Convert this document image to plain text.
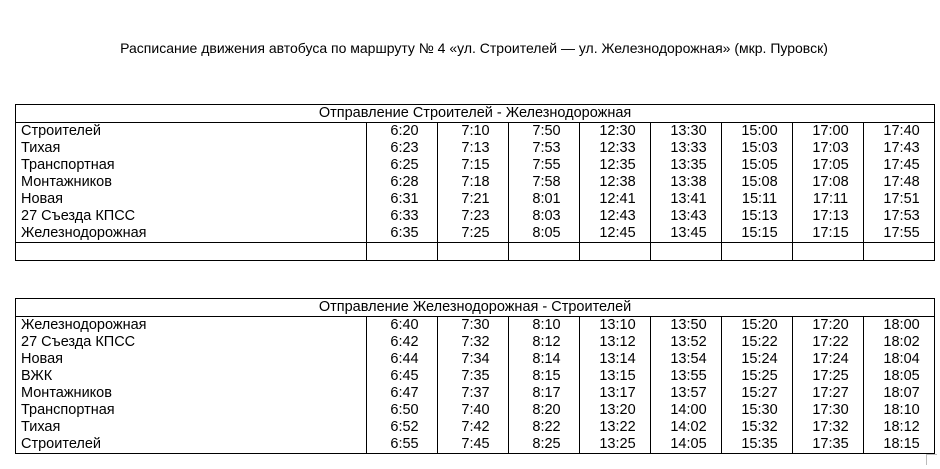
Расписание движения автобуса по маршруту № 4 «ул. Строителей — ул. Железнодорожная» (мкр. Пуровск)
Отправление Строителей - Железнодорожная								
Строителей	6:20	7:10	7:50	12:30	13:30	15:00	17:00	17:40
Тихая	6:23	7:13	7:53	12:33	13:33	15:03	17:03	17:43
Транспортная	6:25	7:15	7:55	12:35	13:35	15:05	17:05	17:45
Монтажников	6:28	7:18	7:58	12:38	13:38	15:08	17:08	17:48
Новая	6:31	7:21	8:01	12:41	13:41	15:11	17:11	17:51
27 Съезда КПСС	6:33	7:23	8:03	12:43	13:43	15:13	17:13	17:53
Железнодорожная	6:35	7:25	8:05	12:45	13:45	15:15	17:15	17:55

Отправление Железнодорожная - Строителей								
Железнодорожная	6:40	7:30	8:10	13:10	13:50	15:20	17:20	18:00
27 Съезда КПСС	6:42	7:32	8:12	13:12	13:52	15:22	17:22	18:02
Новая	6:44	7:34	8:14	13:14	13:54	15:24	17:24	18:04
ВЖК	6:45	7:35	8:15	13:15	13:55	15:25	17:25	18:05
Монтажников	6:47	7:37	8:17	13:17	13:57	15:27	17:27	18:07
Транспортная	6:50	7:40	8:20	13:20	14:00	15:30	17:30	18:10
Тихая	6:52	7:42	8:22	13:22	14:02	15:32	17:32	18:12
Строителей	6:55	7:45	8:25	13:25	14:05	15:35	17:35	18:15
